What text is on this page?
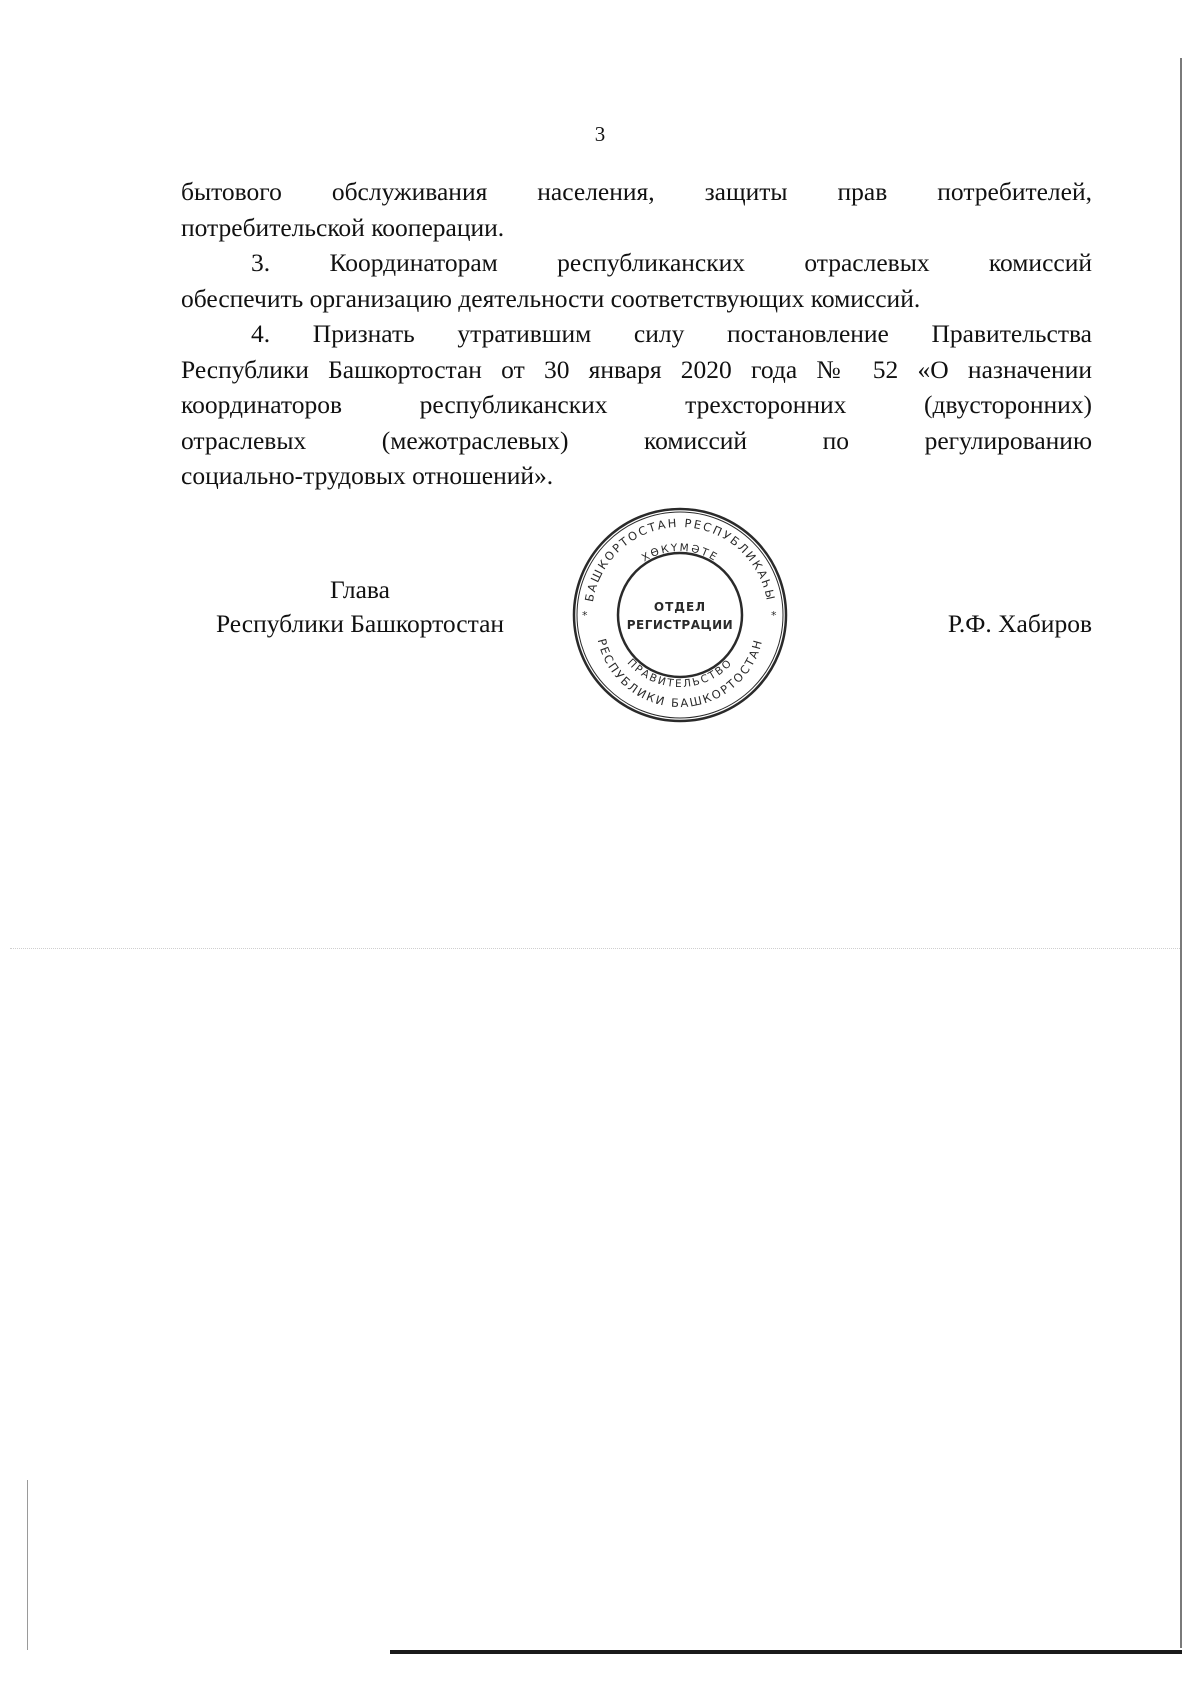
3

бытового обслуживания населения, защиты прав потребителей,
потребительской кооперации.

3. Координаторам республиканских отраслевых комиссий
обеспечить организацию деятельности соответствующих комиссий.

4. Признать утратившим силу постановление Правительства
Республики Башкортостан от 30 января 2020 года № 52 «О назначении
координаторов республиканских трехсторонних (двусторонних)
отраслевых (межотраслевых) комиссий по регулированию
социально-трудовых отношений».

Глава
Республики Башкортостан
БАШКОРТОСТАН РЕСПУБЛИКАҺЫ
ХӨКҮМӘТЕ
РЕСПУБЛИКИ БАШКОРТОСТАН
ПРАВИТЕЛЬСТВО
*	*
ОТДЕЛ
РЕГИСТРАЦИИ	Р.Ф. Хабиров
